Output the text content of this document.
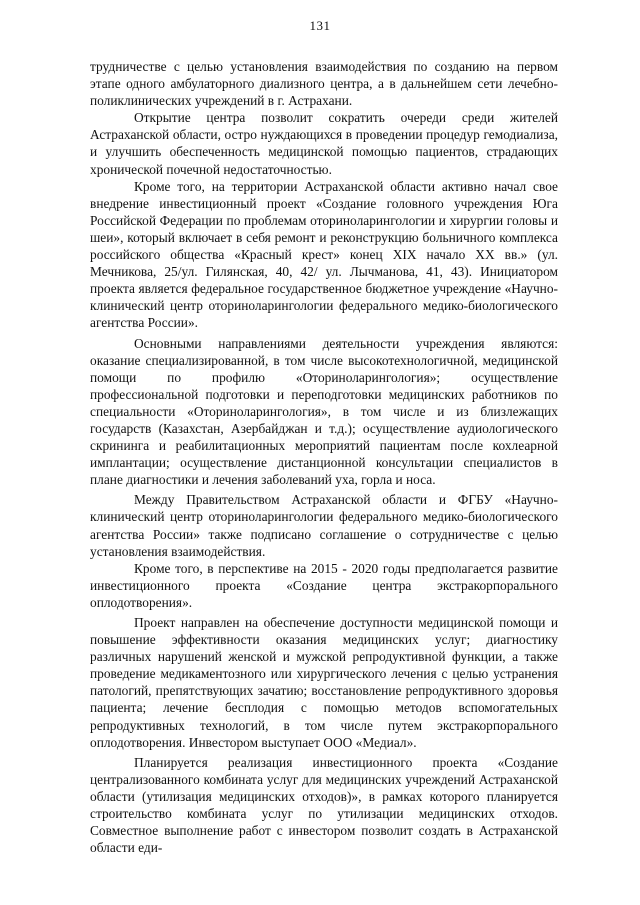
131

трудничестве с целью установления взаимодействия по созданию на первом этапе одного амбулаторного диализного центра, а в дальнейшем сети лечебно-поликлинических учреждений в г. Астрахани.

Открытие центра позволит сократить очереди среди жителей Астраханской области, остро нуждающихся в проведении процедур гемодиализа, и улучшить обеспеченность медицинской помощью пациентов, страдающих хронической почечной недостаточностью.

Кроме того, на территории Астраханской области активно начал свое внедрение инвестиционный проект «Создание головного учреждения Юга Российской Федерации по проблемам оториноларингологии и хирургии головы и шеи», который включает в себя ремонт и реконструкцию больничного комплекса российского общества «Красный крест» конец XIX начало XX вв.» (ул. Мечникова, 25/ул. Гилянская, 40, 42/ ул. Лычманова, 41, 43). Инициатором проекта является федеральное государственное бюджетное учреждение «Научно-клинический центр оториноларингологии федерального медико-биологического агентства России».

Основными направлениями деятельности учреждения являются: оказание специализированной, в том числе высокотехнологичной, медицинской помощи по профилю «Оториноларингология»; осуществление профессиональной подготовки и переподготовки медицинских работников по специальности «Оториноларингология», в том числе и из близлежащих государств (Казахстан, Азербайджан и т.д.); осуществление аудиологического скрининга и реабилитационных мероприятий пациентам после кохлеарной имплантации; осуществление дистанционной консультации специалистов в плане диагностики и лечения заболеваний уха, горла и носа.

Между Правительством Астраханской области и ФГБУ «Научно-клинический центр оториноларингологии федерального медико-биологического агентства России» также подписано соглашение о сотрудничестве с целью установления взаимодействия.

Кроме того, в перспективе на 2015 - 2020 годы предполагается развитие инвестиционного проекта «Создание центра экстракорпорального оплодотворения».

Проект направлен на обеспечение доступности медицинской помощи и повышение эффективности оказания медицинских услуг; диагностику различных нарушений женской и мужской репродуктивной функции, а также проведение медикаментозного или хирургического лечения с целью устранения патологий, препятствующих зачатию; восстановление репродуктивного здоровья пациента; лечение бесплодия с помощью методов вспомогательных репродуктивных технологий, в том числе путем экстракорпорального оплодотворения. Инвестором выступает ООО «Медиал».

Планируется реализация инвестиционного проекта «Создание централизованного комбината услуг для медицинских учреждений Астраханской области (утилизация медицинских отходов)», в рамках которого планируется строительство комбината услуг по утилизации медицинских отходов. Совместное выполнение работ с инвестором позволит создать в Астраханской области еди-
